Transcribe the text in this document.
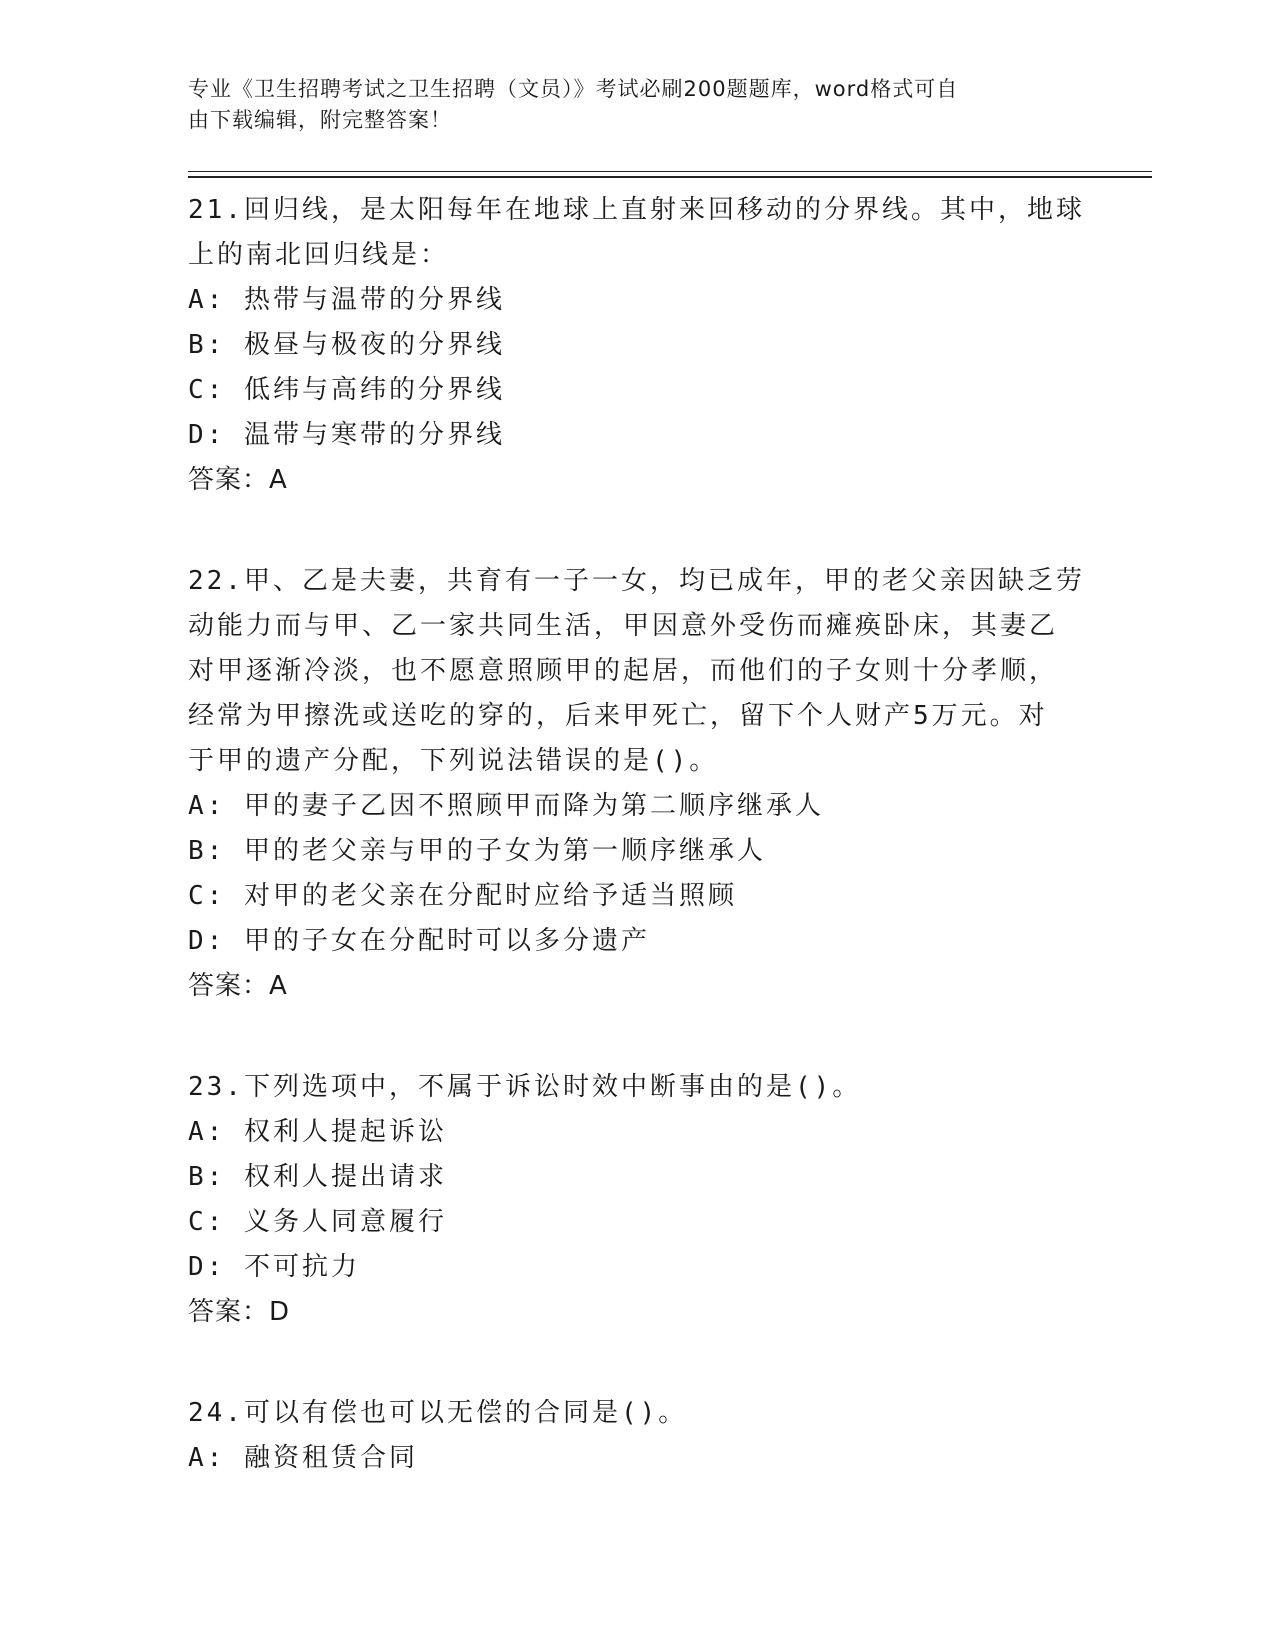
专业《卫生招聘考试之卫生招聘（文员）》考试必刷200题题库，word格式可自
由下载编辑，附完整答案！
21.回归线，是太阳每年在地球上直射来回移动的分界线。其中，地球
上的南北回归线是：
A: 热带与温带的分界线
B: 极昼与极夜的分界线
C: 低纬与高纬的分界线
D: 温带与寒带的分界线
答案：A
22.甲、乙是夫妻，共育有一子一女，均已成年，甲的老父亲因缺乏劳
动能力而与甲、乙一家共同生活，甲因意外受伤而瘫痪卧床，其妻乙
对甲逐渐冷淡，也不愿意照顾甲的起居，而他们的子女则十分孝顺，
经常为甲擦洗或送吃的穿的，后来甲死亡，留下个人财产5万元。对
于甲的遗产分配，下列说法错误的是()。
A: 甲的妻子乙因不照顾甲而降为第二顺序继承人
B: 甲的老父亲与甲的子女为第一顺序继承人
C: 对甲的老父亲在分配时应给予适当照顾
D: 甲的子女在分配时可以多分遗产
答案：A
23.下列选项中，不属于诉讼时效中断事由的是()。
A: 权利人提起诉讼
B: 权利人提出请求
C: 义务人同意履行
D: 不可抗力
答案：D
24.可以有偿也可以无偿的合同是()。
A: 融资租赁合同
